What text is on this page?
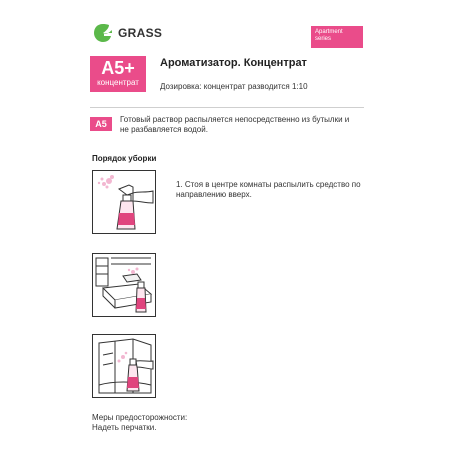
GRASS	Apartment
series
A5+
концентрат
Ароматизатор. Концентрат
Дозировка: концентрат разводится 1:10
A5	Готовый раствор распыляется непосредственно из бутылки и не разбавляется водой.
Порядок уборки
1. Стоя в центре комнаты распылить средство по направлению вверх.
Меры предосторожности:
Надеть перчатки.
